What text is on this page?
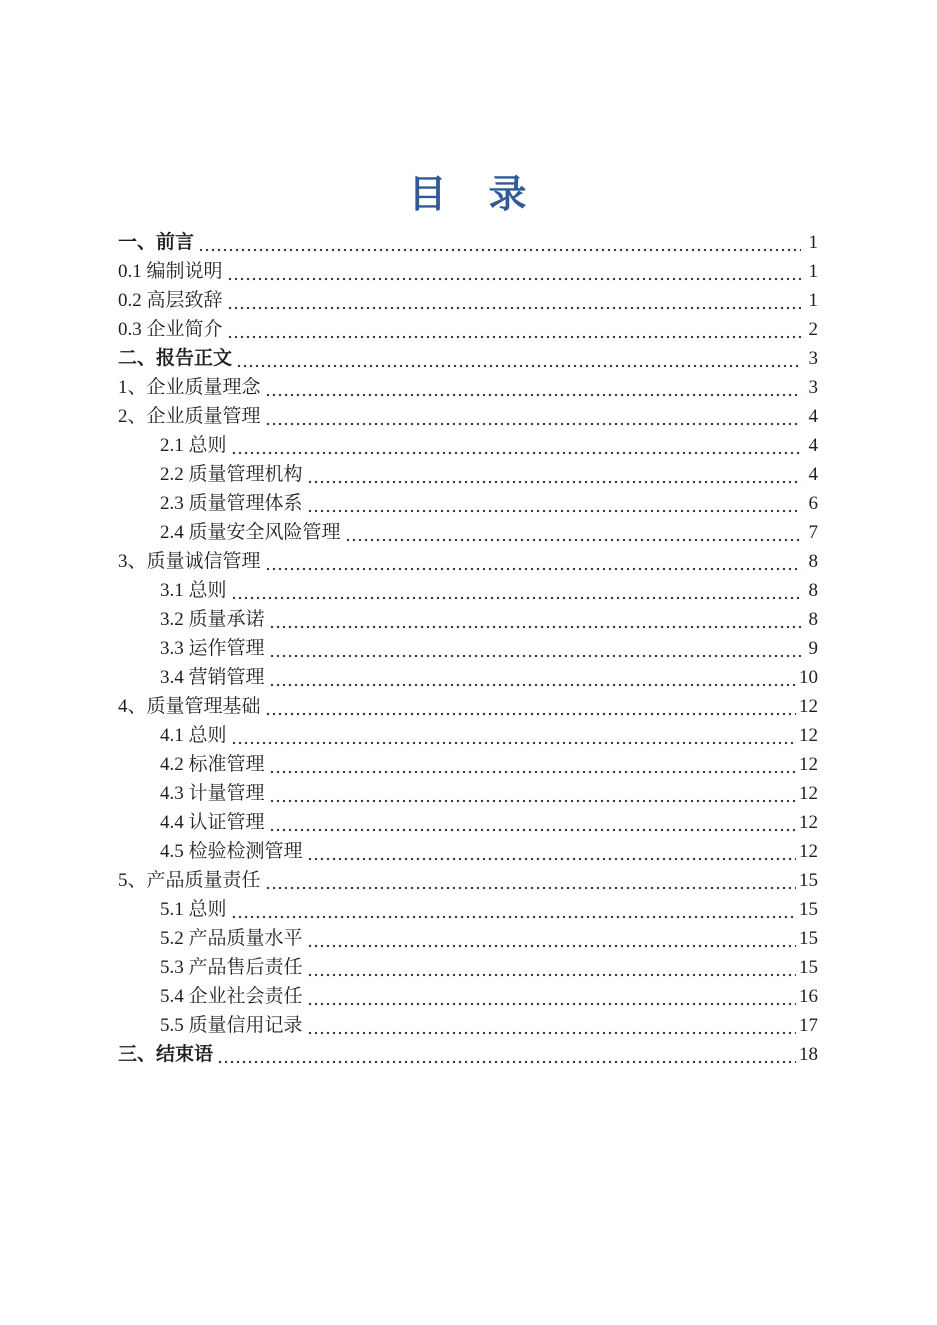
目　录
一、前言	1
0.1 编制说明	1
0.2 高层致辞	1
0.3 企业简介	2
二、报告正文	3
1、企业质量理念	3
2、企业质量管理	4
2.1 总则	4
2.2 质量管理机构	4
2.3 质量管理体系	6
2.4 质量安全风险管理	7
3、质量诚信管理	8
3.1 总则	8
3.2 质量承诺	8
3.3 运作管理	9
3.4 营销管理	10
4、质量管理基础	12
4.1 总则	12
4.2 标准管理	12
4.3 计量管理	12
4.4 认证管理	12
4.5 检验检测管理	12
5、产品质量责任	15
5.1 总则	15
5.2 产品质量水平	15
5.3 产品售后责任	15
5.4 企业社会责任	16
5.5 质量信用记录	17
三、结束语	18
